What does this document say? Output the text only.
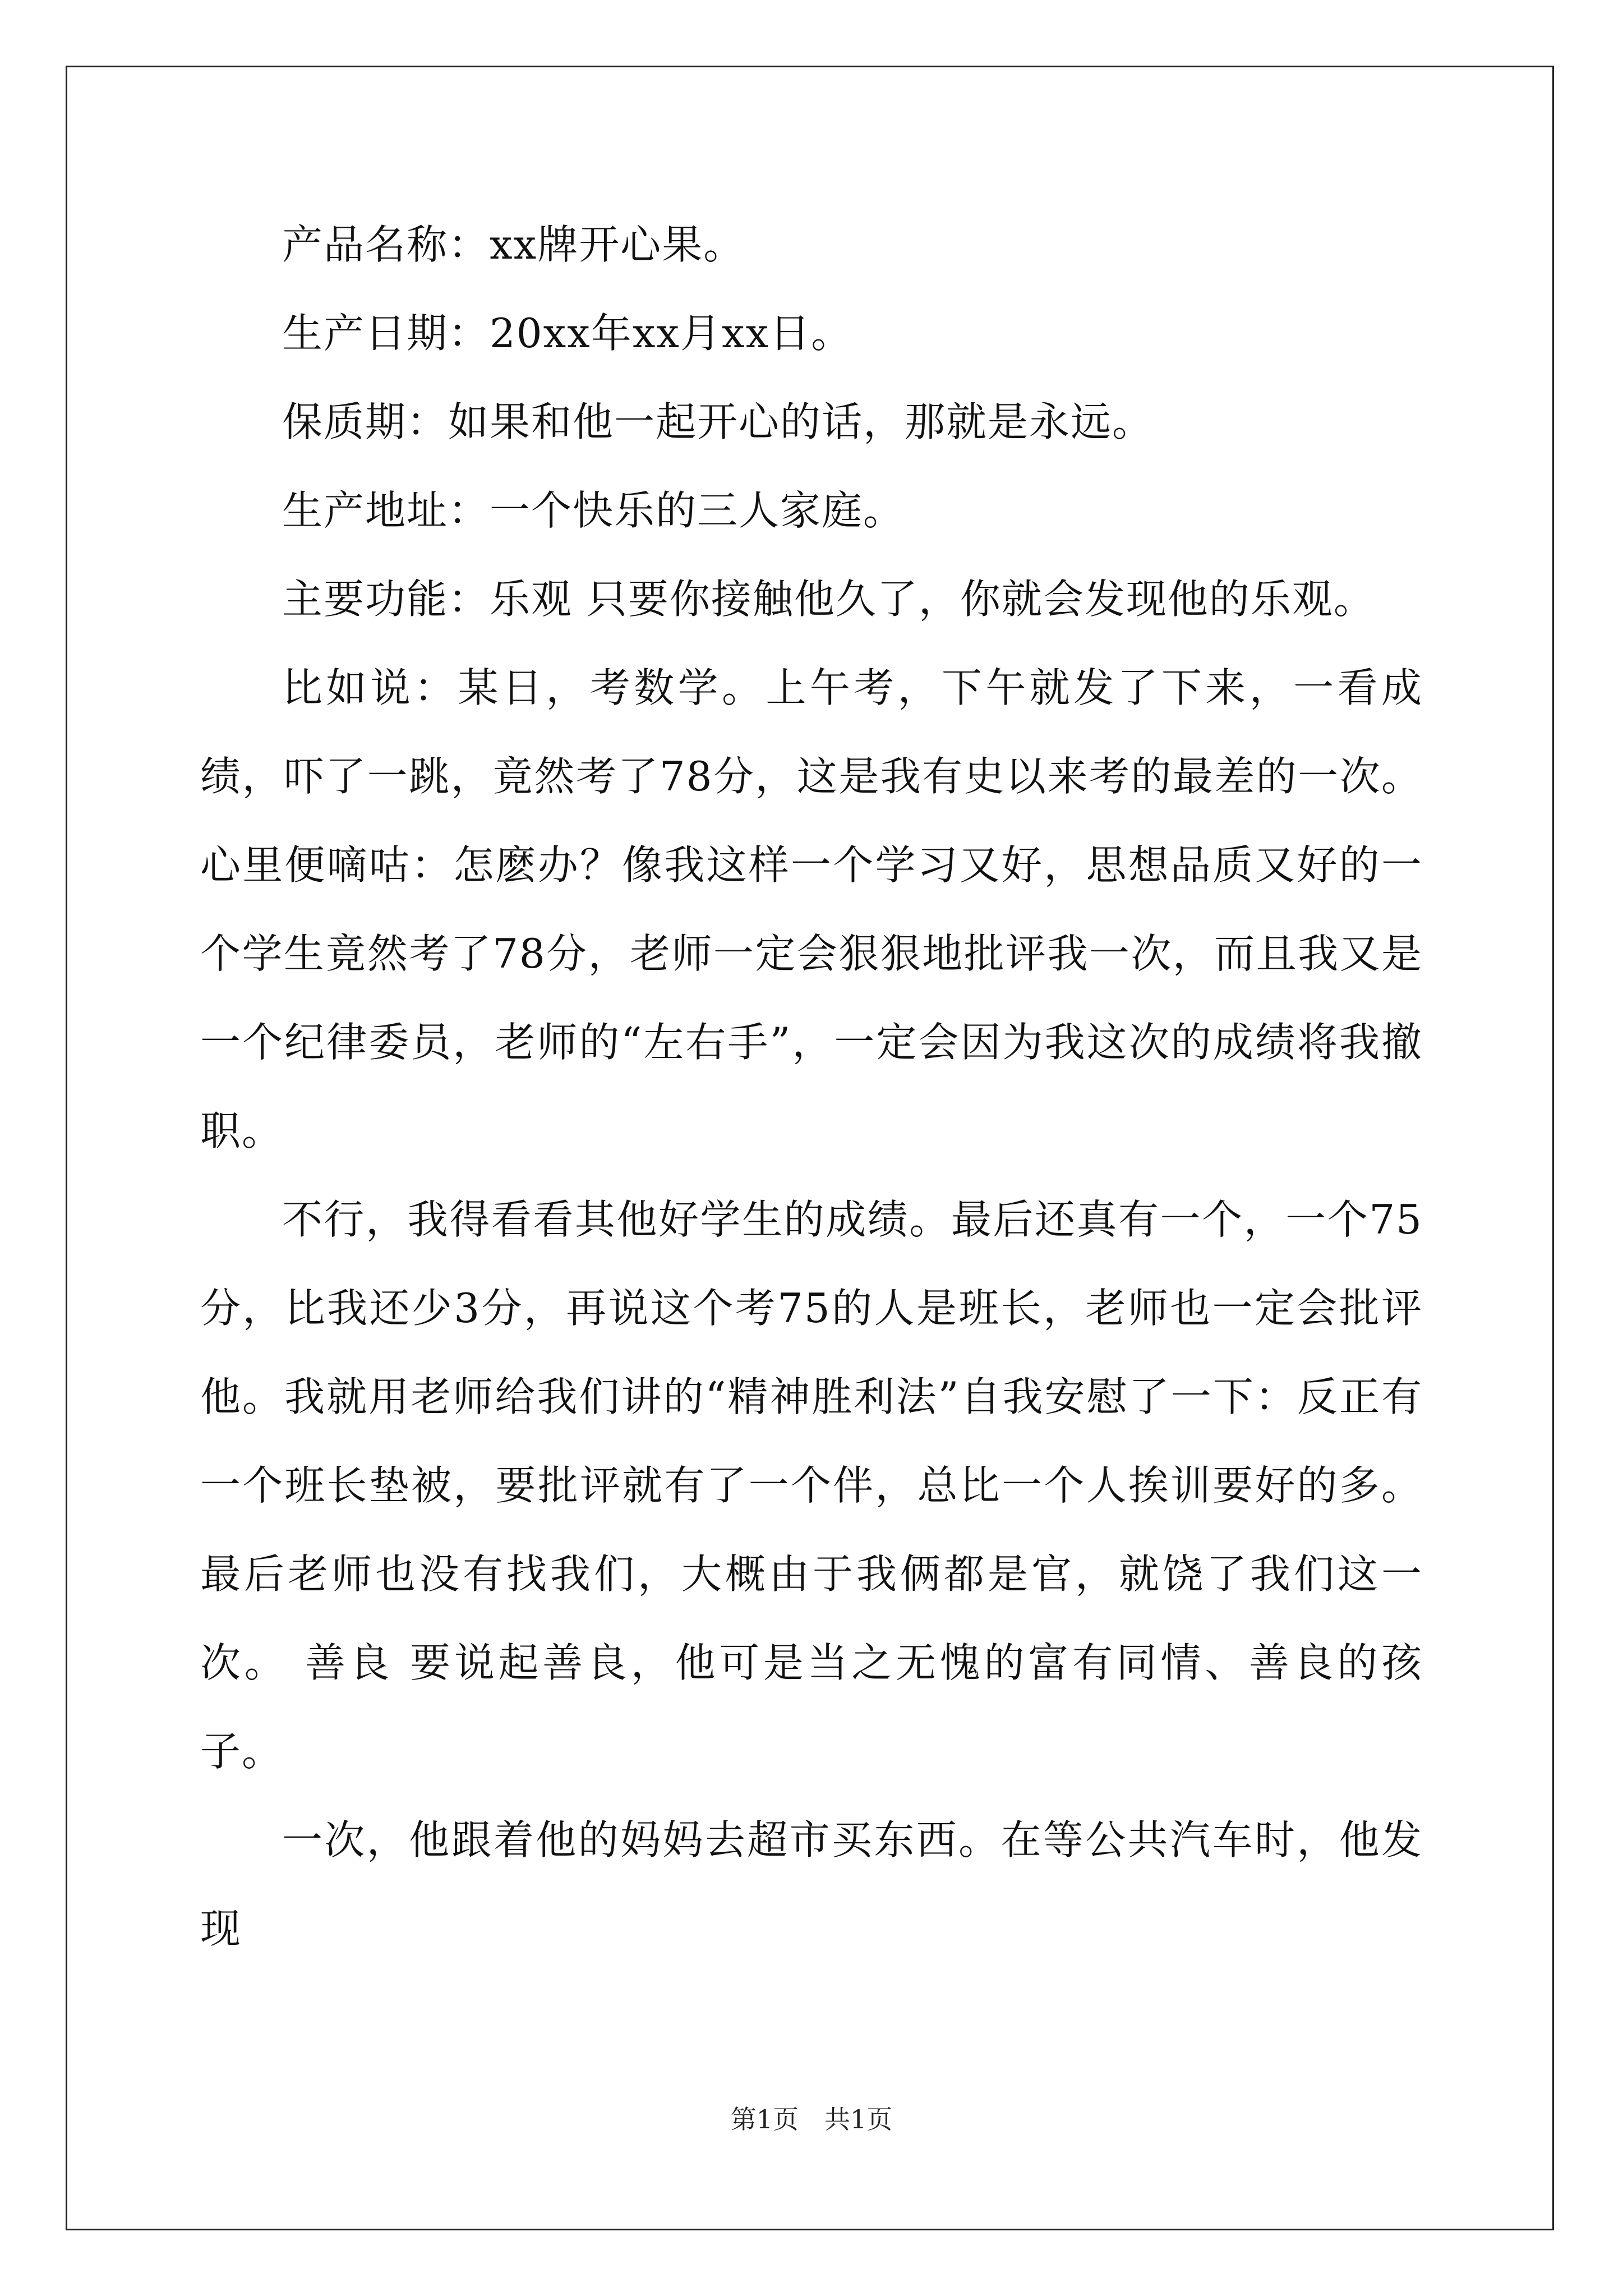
产品名称：xx牌开心果。

生产日期：20xx年xx月xx日。

保质期：如果和他一起开心的话，那就是永远。

生产地址：一个快乐的三人家庭。

主要功能：乐观 只要你接触他久了，你就会发现他的乐观。

比如说：某日，考数学。上午考，下午就发了下来，一看成绩，吓了一跳，竟然考了78分，这是我有史以来考的最差的一次。心里便嘀咕：怎麽办？像我这样一个学习又好，思想品质又好的一个学生竟然考了78分，老师一定会狠狠地批评我一次，而且我又是一个纪律委员，老师的“左右手”，一定会因为我这次的成绩将我撤职。

不行，我得看看其他好学生的成绩。最后还真有一个，一个75分，比我还少3分，再说这个考75的人是班长，老师也一定会批评他。我就用老师给我们讲的“精神胜利法”自我安慰了一下：反正有一个班长垫被，要批评就有了一个伴，总比一个人挨训要好的多。最后老师也没有找我们，大概由于我俩都是官，就饶了我们这一次。 善良 要说起善良，他可是当之无愧的富有同情、善良的孩子。

一次，他跟着他的妈妈去超市买东西。在等公共汽车时，他发现

第1页　共1页
